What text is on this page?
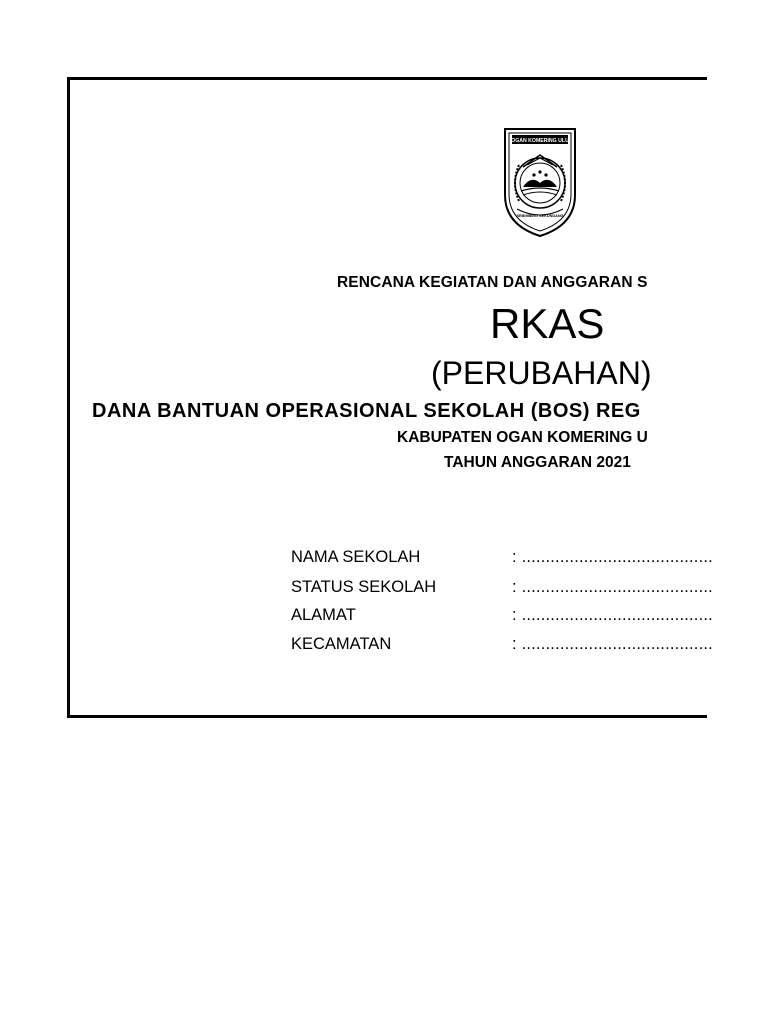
OGAN KOMERING ULU
SEBIMBING SEKUNDANG
RENCANA KEGIATAN DAN ANGGARAN S
RKAS
(PERUBAHAN)
DANA BANTUAN OPERASIONAL SEKOLAH (BOS) REG
KABUPATEN OGAN KOMERING U
TAHUN ANGGARAN 2021
NAMA SEKOLAH	: ........................................
STATUS SEKOLAH	: ........................................
ALAMAT	: ........................................
KECAMATAN	: ........................................
